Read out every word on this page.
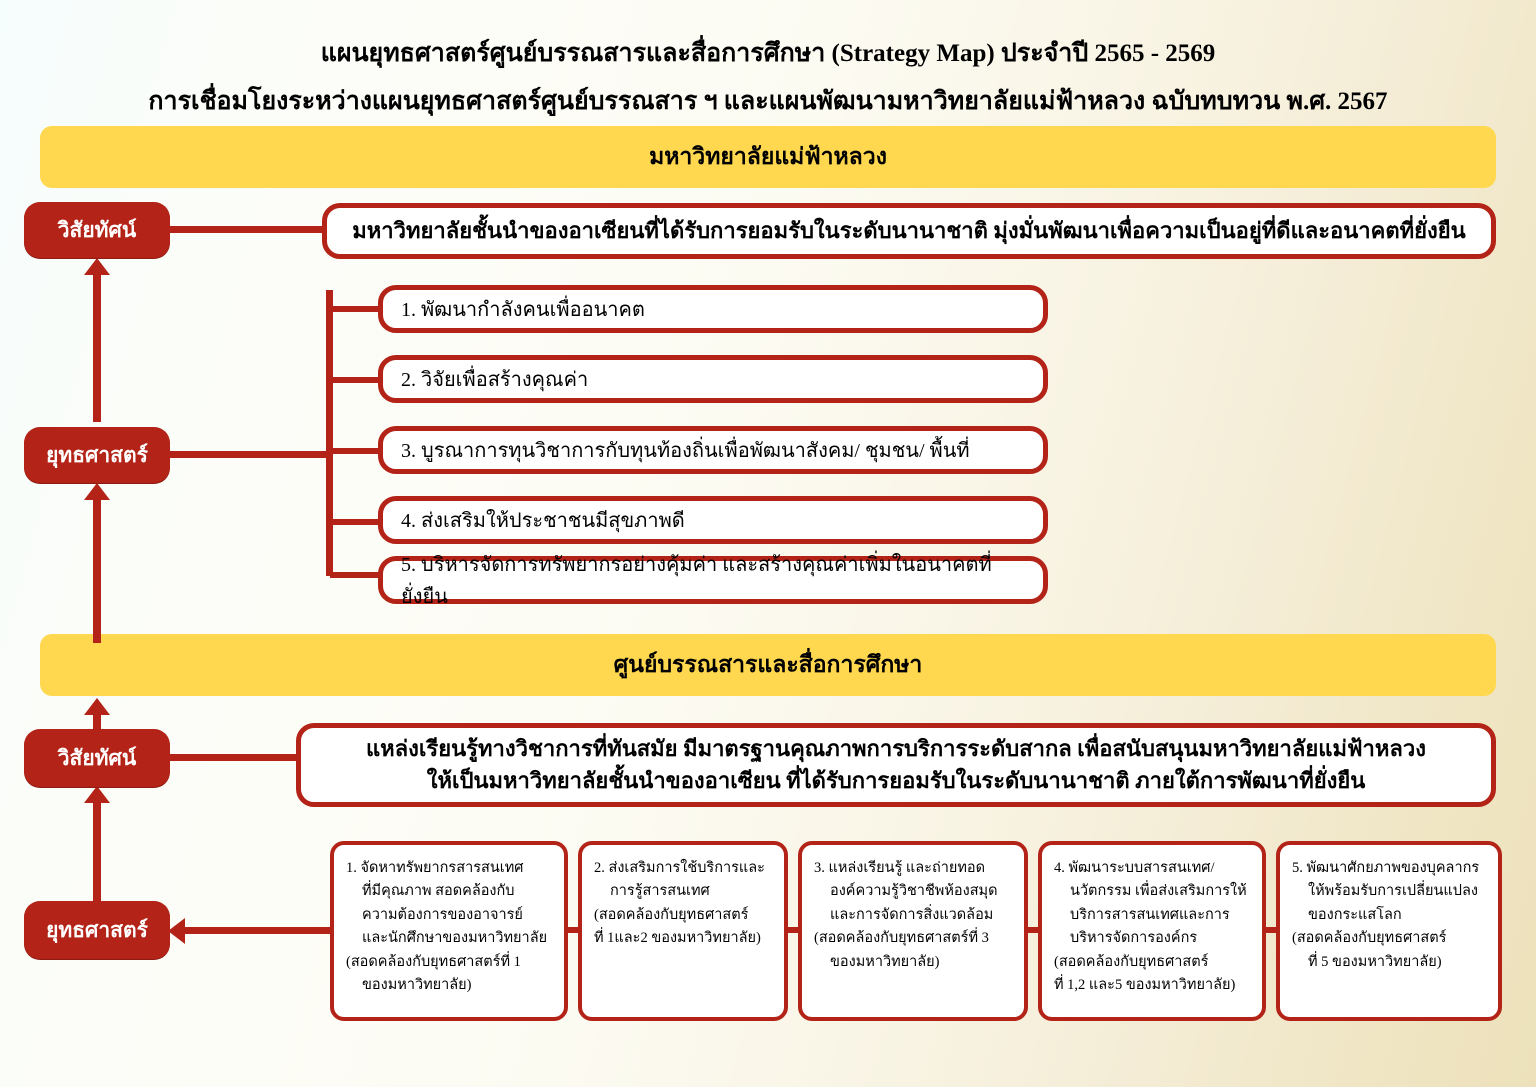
แผนยุทธศาสตร์ศูนย์บรรณสารและสื่อการศึกษา (Strategy Map) ประจำปี 2565 - 2569
การเชื่อมโยงระหว่างแผนยุทธศาสตร์ศูนย์บรรณสาร ฯ และแผนพัฒนามหาวิทยาลัยแม่ฟ้าหลวง ฉบับทบทวน พ.ศ. 2567
มหาวิทยาลัยแม่ฟ้าหลวง
วิสัยทัศน์	มหาวิทยาลัยชั้นนำของอาเซียนที่ได้รับการยอมรับในระดับนานาชาติ มุ่งมั่นพัฒนาเพื่อความเป็นอยู่ที่ดีและอนาคตที่ยั่งยืน
ยุทธศาสตร์
1. พัฒนากำลังคนเพื่ออนาคต
2. วิจัยเพื่อสร้างคุณค่า
3. บูรณาการทุนวิชาการกับทุนท้องถิ่นเพื่อพัฒนาสังคม/ ชุมชน/ พื้นที่
4. ส่งเสริมให้ประชาชนมีสุขภาพดี
5. บริหารจัดการทรัพยากรอย่างคุ้มค่า และสร้างคุณค่าเพิ่มในอนาคตที่ยั่งยืน
ศูนย์บรรณสารและสื่อการศึกษา
วิสัยทัศน์	แหล่งเรียนรู้ทางวิชาการที่ทันสมัย มีมาตรฐานคุณภาพการบริการระดับสากล เพื่อสนับสนุนมหาวิทยาลัยแม่ฟ้าหลวง
ให้เป็นมหาวิทยาลัยชั้นนำของอาเซียน ที่ได้รับการยอมรับในระดับนานาชาติ ภายใต้การพัฒนาที่ยั่งยืน
ยุทธศาสตร์
1. จัดหาทรัพยากรสารสนเทศ
ที่มีคุณภาพ สอดคล้องกับ
ความต้องการของอาจารย์
และนักศึกษาของมหาวิทยาลัย
(สอดคล้องกับยุทธศาสตร์ที่ 1
ของมหาวิทยาลัย)
2. ส่งเสริมการใช้บริการและ
การรู้สารสนเทศ
(สอดคล้องกับยุทธศาสตร์
ที่ 1และ2 ของมหาวิทยาลัย)
3. แหล่งเรียนรู้ และถ่ายทอด
องค์ความรู้วิชาชีพห้องสมุด
และการจัดการสิ่งแวดล้อม
(สอดคล้องกับยุทธศาสตร์ที่ 3
ของมหาวิทยาลัย)
4. พัฒนาระบบสารสนเทศ/
นวัตกรรม เพื่อส่งเสริมการให้
บริการสารสนเทศและการ
บริหารจัดการองค์กร
(สอดคล้องกับยุทธศาสตร์
ที่ 1,2 และ5 ของมหาวิทยาลัย)
5. พัฒนาศักยภาพของบุคลากร
ให้พร้อมรับการเปลี่ยนแปลง
ของกระแสโลก
(สอดคล้องกับยุทธศาสตร์
ที่ 5 ของมหาวิทยาลัย)
